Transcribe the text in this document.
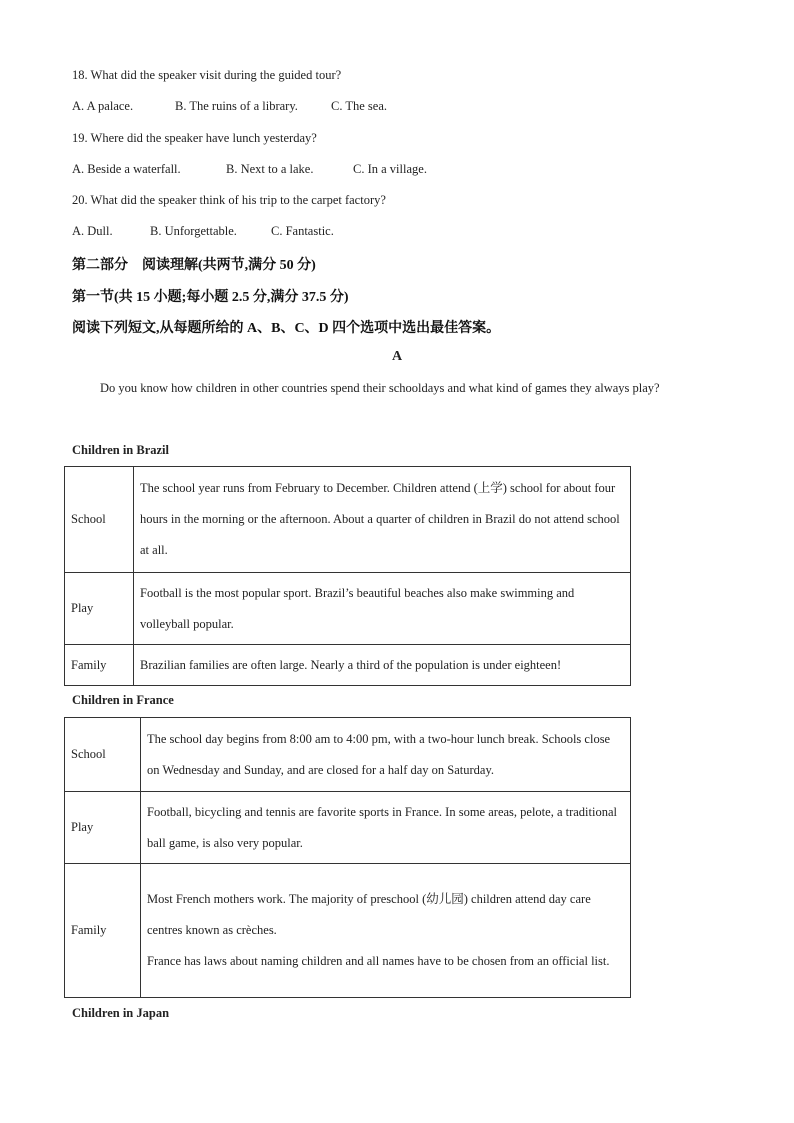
18. What did the speaker visit during the guided tour?
A. A palace.	B. The ruins of a library.	C. The sea.
19. Where did the speaker have lunch yesterday?
A. Beside a waterfall.	B. Next to a lake.	C. In a village.
20. What did the speaker think of his trip to the carpet factory?
A. Dull.	B. Unforgettable.	C. Fantastic.
第二部分　阅读理解(共两节,满分 50 分)
第一节(共 15 小题;每小题 2.5 分,满分 37.5 分)
阅读下列短文,从每题所给的 A、B、C、D 四个选项中选出最佳答案。
A
Do you know how children in other countries spend their schooldays and what kind of games they always play?
Children in Brazil
School	The school year runs from February to December. Children attend (上学) school for about four hours in the morning or the afternoon. About a quarter of children in Brazil do not attend school at all.
Play	Football is the most popular sport. Brazil’s beautiful beaches also make swimming and volleyball popular.
Family	Brazilian families are often large. Nearly a third of the population is under eighteen!
Children in France
School	The school day begins from 8:00 am to 4:00 pm, with a two-hour lunch break. Schools close on Wednesday and Sunday, and are closed for a half day on Saturday.
Play	Football, bicycling and tennis are favorite sports in France. In some areas, pelote, a traditional ball game, is also very popular.
Family	Most French mothers work. The majority of preschool (幼儿园) children attend day care centres known as crèches.
France has laws about naming children and all names have to be chosen from an official list.
Children in Japan
